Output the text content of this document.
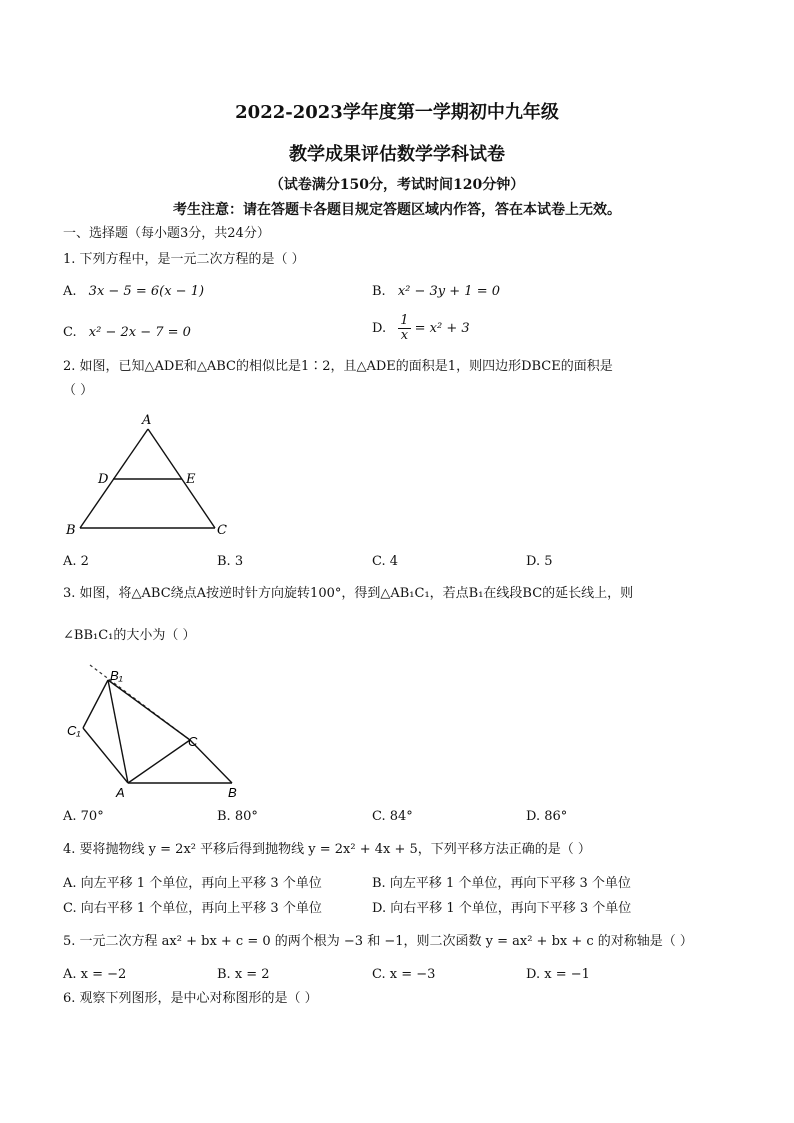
2022-2023学年度第一学期初中九年级
教学成果评估数学学科试卷
（试卷满分150分，考试时间120分钟）
考生注意：请在答题卡各题目规定答题区域内作答，答在本试卷上无效。
一、选择题（每小题3分，共24分）
1. 下列方程中，是一元二次方程的是（ ）
A. 3x − 5 = 6(x − 1)	B. x² − 3y + 1 = 0
C. x² − 2x − 7 = 0	D. $\frac{1}{x} = x^2 + 3$
2. 如图，已知△ADE和△ABC的相似比是1∶2，且△ADE的面积是1，则四边形DBCE的面积是
（ ）
A
D	E
B	C
A. 2	B. 3	C. 4	D. 5
3. 如图，将△ABC绕点A按逆时针方向旋转100°，得到△AB₁C₁，若点B₁在线段BC的延长线上，则
∠BB₁C₁的大小为（ ）
B₁
C₁
C
A	B
A. 70°	B. 80°	C. 84°	D. 86°
4. 要将抛物线 y = 2x² 平移后得到抛物线 y = 2x² + 4x + 5，下列平移方法正确的是（ ）
A. 向左平移 1 个单位，再向上平移 3 个单位	B. 向左平移 1 个单位，再向下平移 3 个单位
C. 向右平移 1 个单位，再向上平移 3 个单位	D. 向右平移 1 个单位，再向下平移 3 个单位
5. 一元二次方程 ax² + bx + c = 0 的两个根为 −3 和 −1，则二次函数 y = ax² + bx + c 的对称轴是（ ）
A. x = −2	B. x = 2	C. x = −3	D. x = −1
6. 观察下列图形，是中心对称图形的是（ ）
